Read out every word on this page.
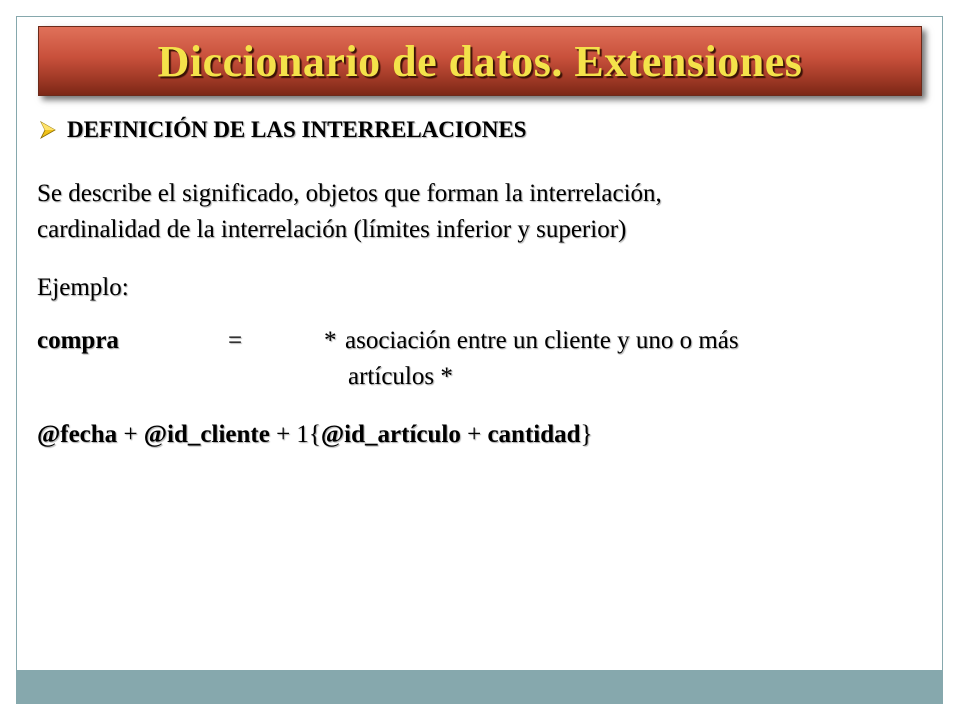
Diccionario de datos. Extensiones
DEFINICIÓN DE LAS INTERRELACIONES
Se describe el significado, objetos que forman la interrelación,
cardinalidad de la interrelación (límites inferior y superior)
Ejemplo:
compra	=	* asociación entre un cliente y uno o más
artículos *
@fecha + @id_cliente + 1{@id_artículo + cantidad}
